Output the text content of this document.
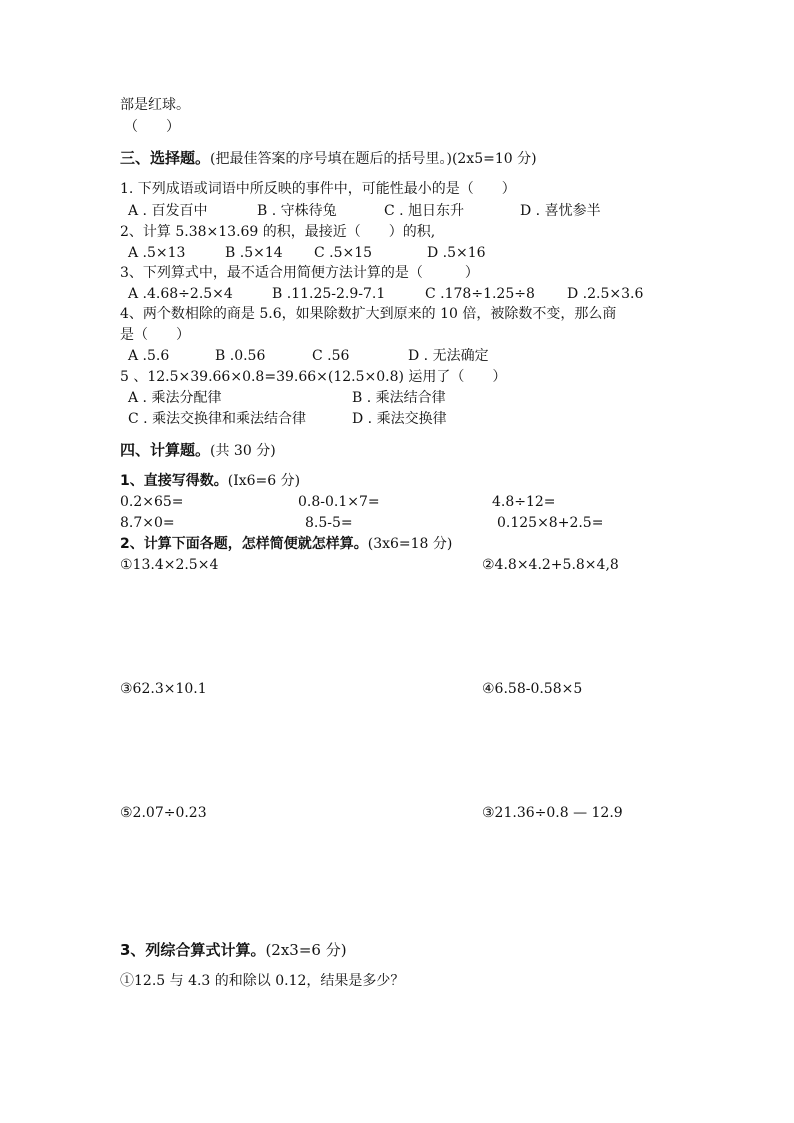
部是红球。
（　　）
三、选择题。(把最佳答案的序号填在题后的括号里。)(2x5=10 分)
1. 下列成语或词语中所反映的事件中，可能性最小的是（　　）
A . 百发百中	B . 守株待兔	C . 旭日东升	D . 喜忧参半
2、计算 5.38×13.69 的积，最接近（　　）的积,
A .5×13	B .5×14 C .5×15	D .5×16
3、下列算式中，最不适合用简便方法计算的是（　　　）
A .4.68÷2.5×4	B .11.25-2.9-7.1	C .178÷1.25÷8 D .2.5×3.6
4、两个数相除的商是 5.6，如果除数扩大到原来的 10 倍，被除数不变，那么商
是（　　）
A .5.6	B .0.56	C .56	D . 无法确定
5 、12.5×39.66×0.8=39.66×(12.5×0.8) 运用了（　　）
A . 乘法分配律	B . 乘法结合律
C . 乘法交换律和乘法结合律	D . 乘法交换律
四、计算题。(共 30 分)
1、直接写得数。(Ix6=6 分)
0.2×65=	0.8-0.1×7=	4.8÷12=
8.7×0=	8.5-5=	0.125×8+2.5=
2、计算下面各题，怎样简便就怎样算。(3x6=18 分)
①13.4×2.5×4	②4.8×4.2+5.8×4,8
③62.3×10.1	④6.58-0.58×5
⑤2.07÷0.23	③21.36÷0.8 — 12.9
3、列综合算式计算。(2x3=6 分)
①12.5 与 4.3 的和除以 0.12，结果是多少？
